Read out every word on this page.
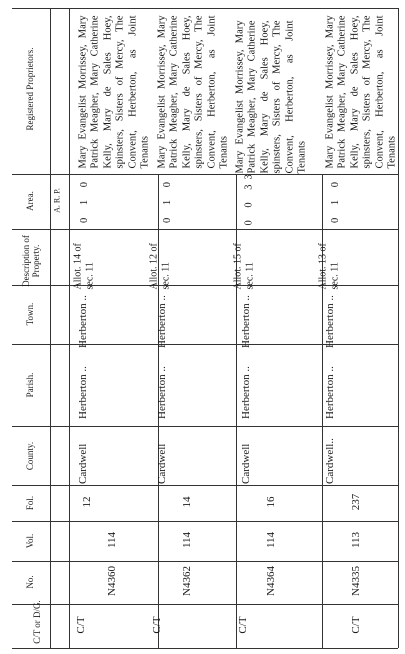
C/T or D/G.
No.
Vol.
Fol.
County.
Parish.
Town.
Description of Property.
Area. A. R. P.
Registered Proprietors.
C/T
N4360
114
12
Cardwell
Herberton ..
Herberton ..
Allot. 14 of sec. 11
0 1 0
Mary Evangelist Morrissey, Mary Patrick Meagher, Mary Catherine Kelly, Mary de Sales Hoey, spinsters, Sisters of Mercy, The Convent, Herberton, as Joint Tenants
C/T
N4362
114
14
Cardwell
Herberton ..
Herberton ..
Allot. 12 of sec. 11
0 1 0
Mary Evangelist Morrissey, Mary Patrick Meagher, Mary Catherine Kelly, Mary de Sales Hoey, spinsters, Sisters of Mercy, The Convent, Herberton, as Joint Tenants
C/T
N4364
114
16
Cardwell
Herberton ..
Herberton ..
Allot. 15 of sec. 11
0 0 33
Mary Evangelist Morrissey, Mary Patrick Meagher, Mary Catherine Kelly, Mary de Sales Hoey, spinsters, Sisters of Mercy, The Convent, Herberton, as Joint Tenants
C/T
N4335
113
237
Cardwell..
Herberton ..
Herberton ..
Allot. 13 of sec. 11
0 1 0
Mary Evangelist Morrissey, Mary Patrick Meagher, Mary Catherine Kelly, Mary de Sales Hoey, spinsters, Sisters of Mercy, The Convent, Herberton, as Joint Tenants
